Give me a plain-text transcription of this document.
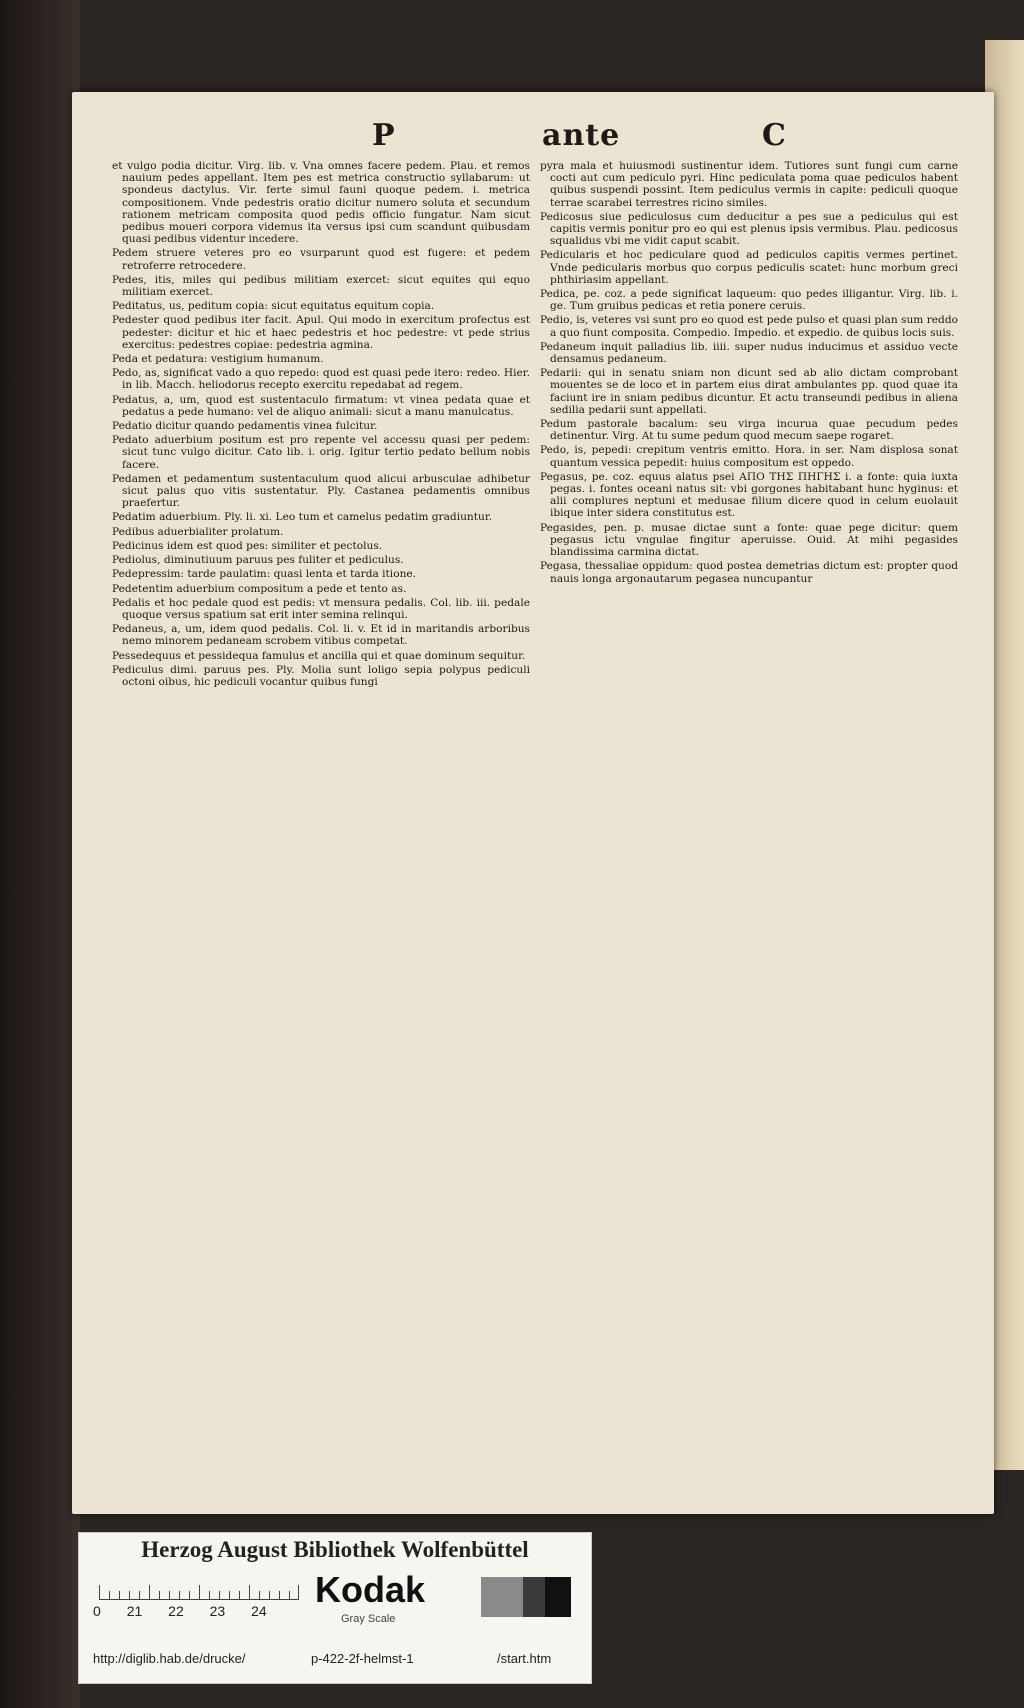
P	ante	C

et vulgo podia dicitur. Virg. lib. v. Vna omnes facere pedem. Plau. et remos nauium pedes appellant. Item pes est metrica constructio syllabarum: ut spondeus dactylus. Vir. ferte simul fauni quoque pedem. i. metrica compositionem. Vnde pedestris oratio dicitur numero soluta et secundum rationem metricam composita quod pedis officio fungatur. Nam sicut pedibus moueri corpora videmus ita versus ipsi cum scandunt quibusdam quasi pedibus videntur incedere.

Pedem struere veteres pro eo vsurparunt quod est fugere: et pedem retroferre retrocedere.

Pedes, itis, miles qui pedibus militiam exercet: sicut equites qui equo militiam exercet.

Peditatus, us, peditum copia: sicut equitatus equitum copia.

Pedester quod pedibus iter facit. Apul. Qui modo in exercitum profectus est pedester: dicitur et hic et haec pedestris et hoc pedestre: vt pede strius exercitus: pedestres copiae: pedestria agmina.

Peda et pedatura: vestigium humanum.

Pedo, as, significat vado a quo repedo: quod est quasi pede itero: redeo. Hier. in lib. Macch. heliodorus recepto exercitu repedabat ad regem.

Pedatus, a, um, quod est sustentaculo firmatum: vt vinea pedata quae et pedatus a pede humano: vel de aliquo animali: sicut a manu manulcatus.

Pedatio dicitur quando pedamentis vinea fulcitur.

Pedato aduerbium positum est pro repente vel accessu quasi per pedem: sicut tunc vulgo dicitur. Cato lib. i. orig. Igitur tertio pedato bellum nobis facere.

Pedamen et pedamentum sustentaculum quod alicui arbusculae adhibetur sicut palus quo vitis sustentatur. Ply. Castanea pedamentis omnibus praefertur.

Pedatim aduerbium. Ply. li. xi. Leo tum et camelus pedatim gradiuntur.

Pedibus aduerbialiter prolatum.

Pedicinus idem est quod pes: similiter et pectolus.

Pediolus, diminutiuum paruus pes fuliter et pediculus.

Pedepressim: tarde paulatim: quasi lenta et tarda itione.

Pedetentim aduerbium compositum a pede et tento as.

Pedalis et hoc pedale quod est pedis: vt mensura pedalis. Col. lib. iii. pedale quoque versus spatium sat erit inter semina relinqui.

Pedaneus, a, um, idem quod pedalis. Col. li. v. Et id in maritandis arboribus nemo minorem pedaneam scrobem vitibus competat.

Pessedequus et pessidequa famulus et ancilla qui et quae dominum sequitur.

Pediculus dimi. paruus pes. Ply. Molia sunt loligo sepia polypus pediculi octoni oibus, hic pediculi vocantur quibus fungi

pyra mala et huiusmodi sustinentur idem. Tutiores sunt fungi cum carne cocti aut cum pediculo pyri. Hinc pediculata poma quae pediculos habent quibus suspendi possint. Item pediculus vermis in capite: pediculi quoque terrae scarabei terrestres ricino similes.

Pedicosus siue pediculosus cum deducitur a pes sue a pediculus qui est capitis vermis ponitur pro eo qui est plenus ipsis vermibus. Plau. pedicosus squalidus vbi me vidit caput scabit.

Pedicularis et hoc pediculare quod ad pediculos capitis vermes pertinet. Vnde pedicularis morbus quo corpus pediculis scatet: hunc morbum greci phthiriasim appellant.

Pedica, pe. coz. a pede significat laqueum: quo pedes illigantur. Virg. lib. i. ge. Tum gruibus pedicas et retia ponere ceruis.

Pedio, is, veteres vsi sunt pro eo quod est pede pulso et quasi plan sum reddo a quo fiunt composita. Compedio. Impedio. et expedio. de quibus locis suis.

Pedaneum inquit palladius lib. iiii. super nudus inducimus et assiduo vecte densamus pedaneum.

Pedarii: qui in senatu sniam non dicunt sed ab alio dictam comprobant mouentes se de loco et in partem eius dirat ambulantes pp. quod quae ita faciunt ire in sniam pedibus dicuntur. Et actu transeundi pedibus in aliena sedilia pedarii sunt appellati.

Pedum pastorale bacalum: seu virga incurua quae pecudum pedes detinentur. Virg. At tu sume pedum quod mecum saepe rogaret.

Pedo, is, pepedi: crepitum ventris emitto. Hora. in ser. Nam displosa sonat quantum vessica pepedit: huius compositum est oppedo.

Pegasus, pe. coz. equus alatus psei ΑΠΟ ΤΗΣ ΠΗΓΗΣ i. a fonte: quia iuxta pegas. i. fontes oceani natus sit: vbi gorgones habitabant hunc hyginus: et alii complures neptuni et medusae filium dicere quod in celum euolauit ibique inter sidera constitutus est.

Pegasides, pen. p. musae dictae sunt a fonte: quae pege dicitur: quem pegasus ictu vngulae fingitur aperuisse. Ouid. At mihi pegasides blandissima carmina dictat.

Pegasa, thessaliae oppidum: quod postea demetrias dictum est: propter quod nauis longa argonautarum pegasea nuncupantur

Herzog August Bibliothek Wolfenbüttel
0 21 22 23 24
Kodak
Gray Scale
http://diglib.hab.de/drucke/	p-422-2f-helmst-1	/start.htm
